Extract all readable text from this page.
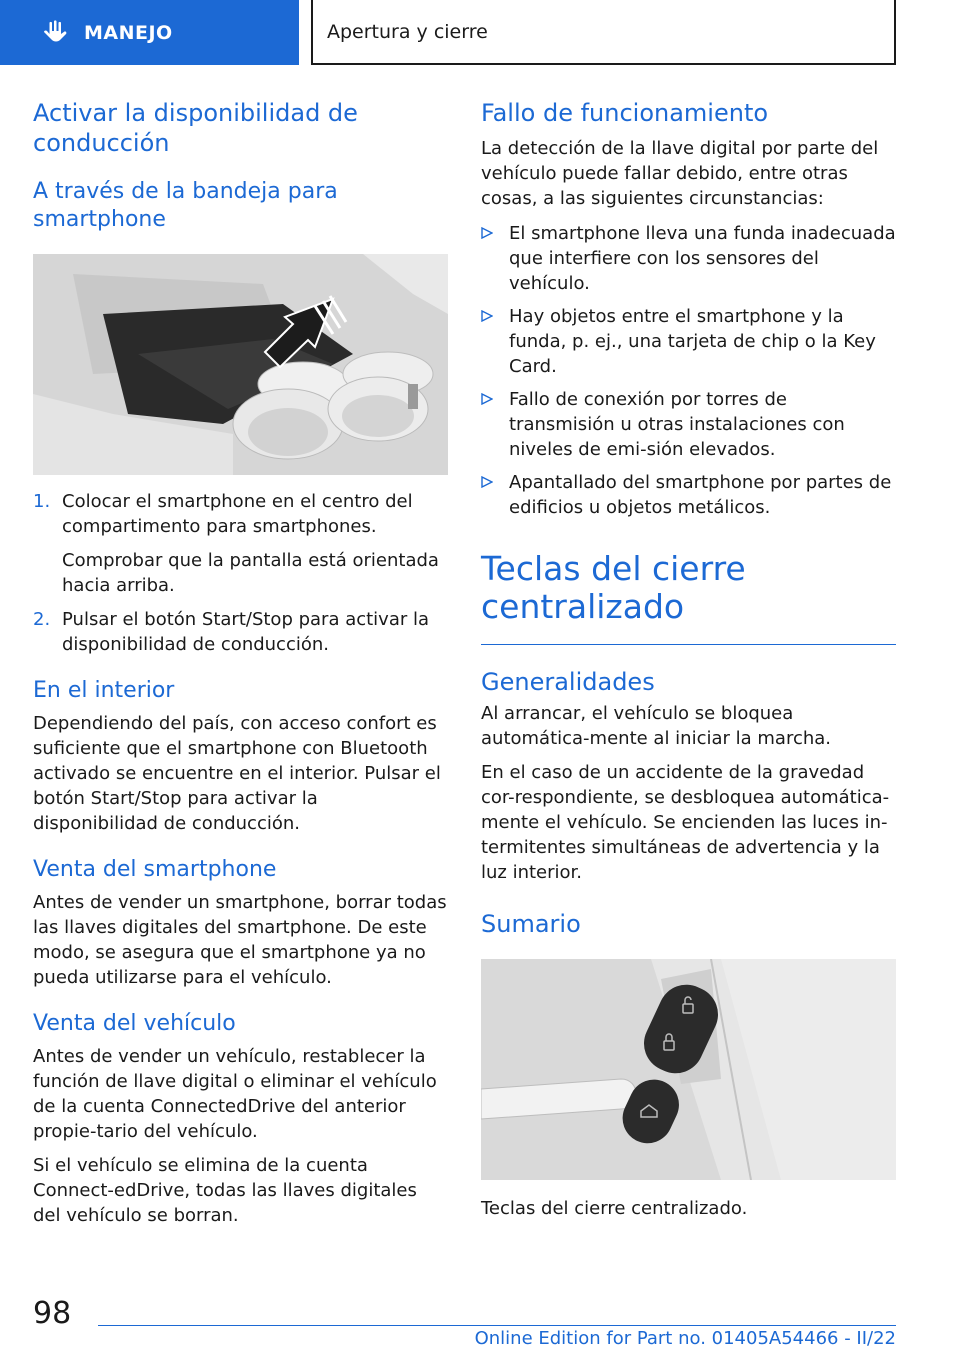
MANEJO	Apertura y cierre
Activar la disponibilidad de conducción
A través de la bandeja para smartphone
1. Colocar el smartphone en el centro del compartimento para smartphones.
Comprobar que la pantalla está orientada hacia arriba.
2. Pulsar el botón Start/Stop para activar la disponibilidad de conducción.
En el interior

Dependiendo del país, con acceso confort es suficiente que el smartphone con Bluetooth activado se encuentre en el interior. Pulsar el botón Start/Stop para activar la disponibilidad de conducción.

Venta del smartphone

Antes de vender un smartphone, borrar todas las llaves digitales del smartphone. De este modo, se asegura que el smartphone ya no pueda utilizarse para el vehículo.

Venta del vehículo

Antes de vender un vehículo, restablecer la función de llave digital o eliminar el vehículo de la cuenta ConnectedDrive del anterior propie-tario del vehículo.

Si el vehículo se elimina de la cuenta Connect-edDrive, todas las llaves digitales del vehículo se borran.

Fallo de funcionamiento

La detección de la llave digital por parte del vehículo puede fallar debido, entre otras cosas, a las siguientes circunstancias:

El smartphone lleva una funda inadecuada que interfiere con los sensores del vehículo.
Hay objetos entre el smartphone y la funda, p. ej., una tarjeta de chip o la Key Card.
Fallo de conexión por torres de transmisión u otras instalaciones con niveles de emi-sión elevados.
Apantallado del smartphone por partes de edificios u objetos metálicos.
Teclas del cierre centralizado
Generalidades

Al arrancar, el vehículo se bloquea automática-mente al iniciar la marcha.

En el caso de un accidente de la gravedad cor-respondiente, se desbloquea automática-mente el vehículo. Se encienden las luces in-termitentes simultáneas de advertencia y la luz interior.

Sumario

Teclas del cierre centralizado.

98
Online Edition for Part no. 01405A54466 - II/22
